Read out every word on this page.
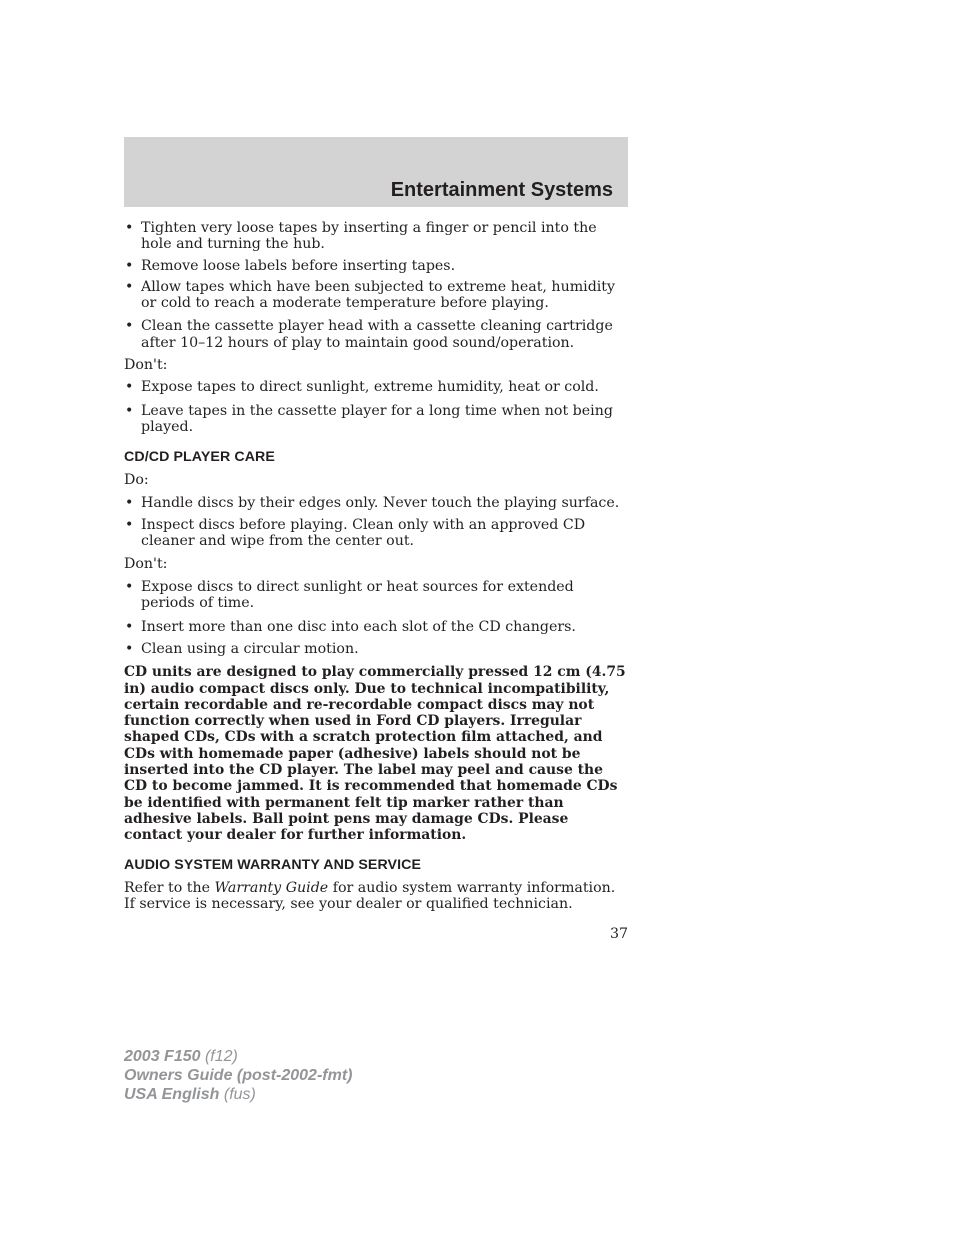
Entertainment Systems
• Tighten very loose tapes by inserting a finger or pencil into the hole and turning the hub.
• Remove loose labels before inserting tapes.
• Allow tapes which have been subjected to extreme heat, humidity or cold to reach a moderate temperature before playing.
• Clean the cassette player head with a cassette cleaning cartridge after 10–12 hours of play to maintain good sound/operation.

Don't:

• Expose tapes to direct sunlight, extreme humidity, heat or cold.
• Leave tapes in the cassette player for a long time when not being played.
CD/CD PLAYER CARE

Do:

• Handle discs by their edges only. Never touch the playing surface.
• Inspect discs before playing. Clean only with an approved CD cleaner and wipe from the center out.

Don't:

• Expose discs to direct sunlight or heat sources for extended periods of time.
• Insert more than one disc into each slot of the CD changers.
• Clean using a circular motion.

CD units are designed to play commercially pressed 12 cm (4.75 in) audio compact discs only. Due to technical incompatibility, certain recordable and re-recordable compact discs may not function correctly when used in Ford CD players. Irregular shaped CDs, CDs with a scratch protection film attached, and CDs with homemade paper (adhesive) labels should not be inserted into the CD player. The label may peel and cause the CD to become jammed. It is recommended that homemade CDs be identified with permanent felt tip marker rather than adhesive labels. Ball point pens may damage CDs. Please contact your dealer for further information.

AUDIO SYSTEM WARRANTY AND SERVICE

Refer to the Warranty Guide for audio system warranty information. If service is necessary, see your dealer or qualified technician.

37
2003 F150 (f12)
Owners Guide (post-2002-fmt)
USA English (fus)
